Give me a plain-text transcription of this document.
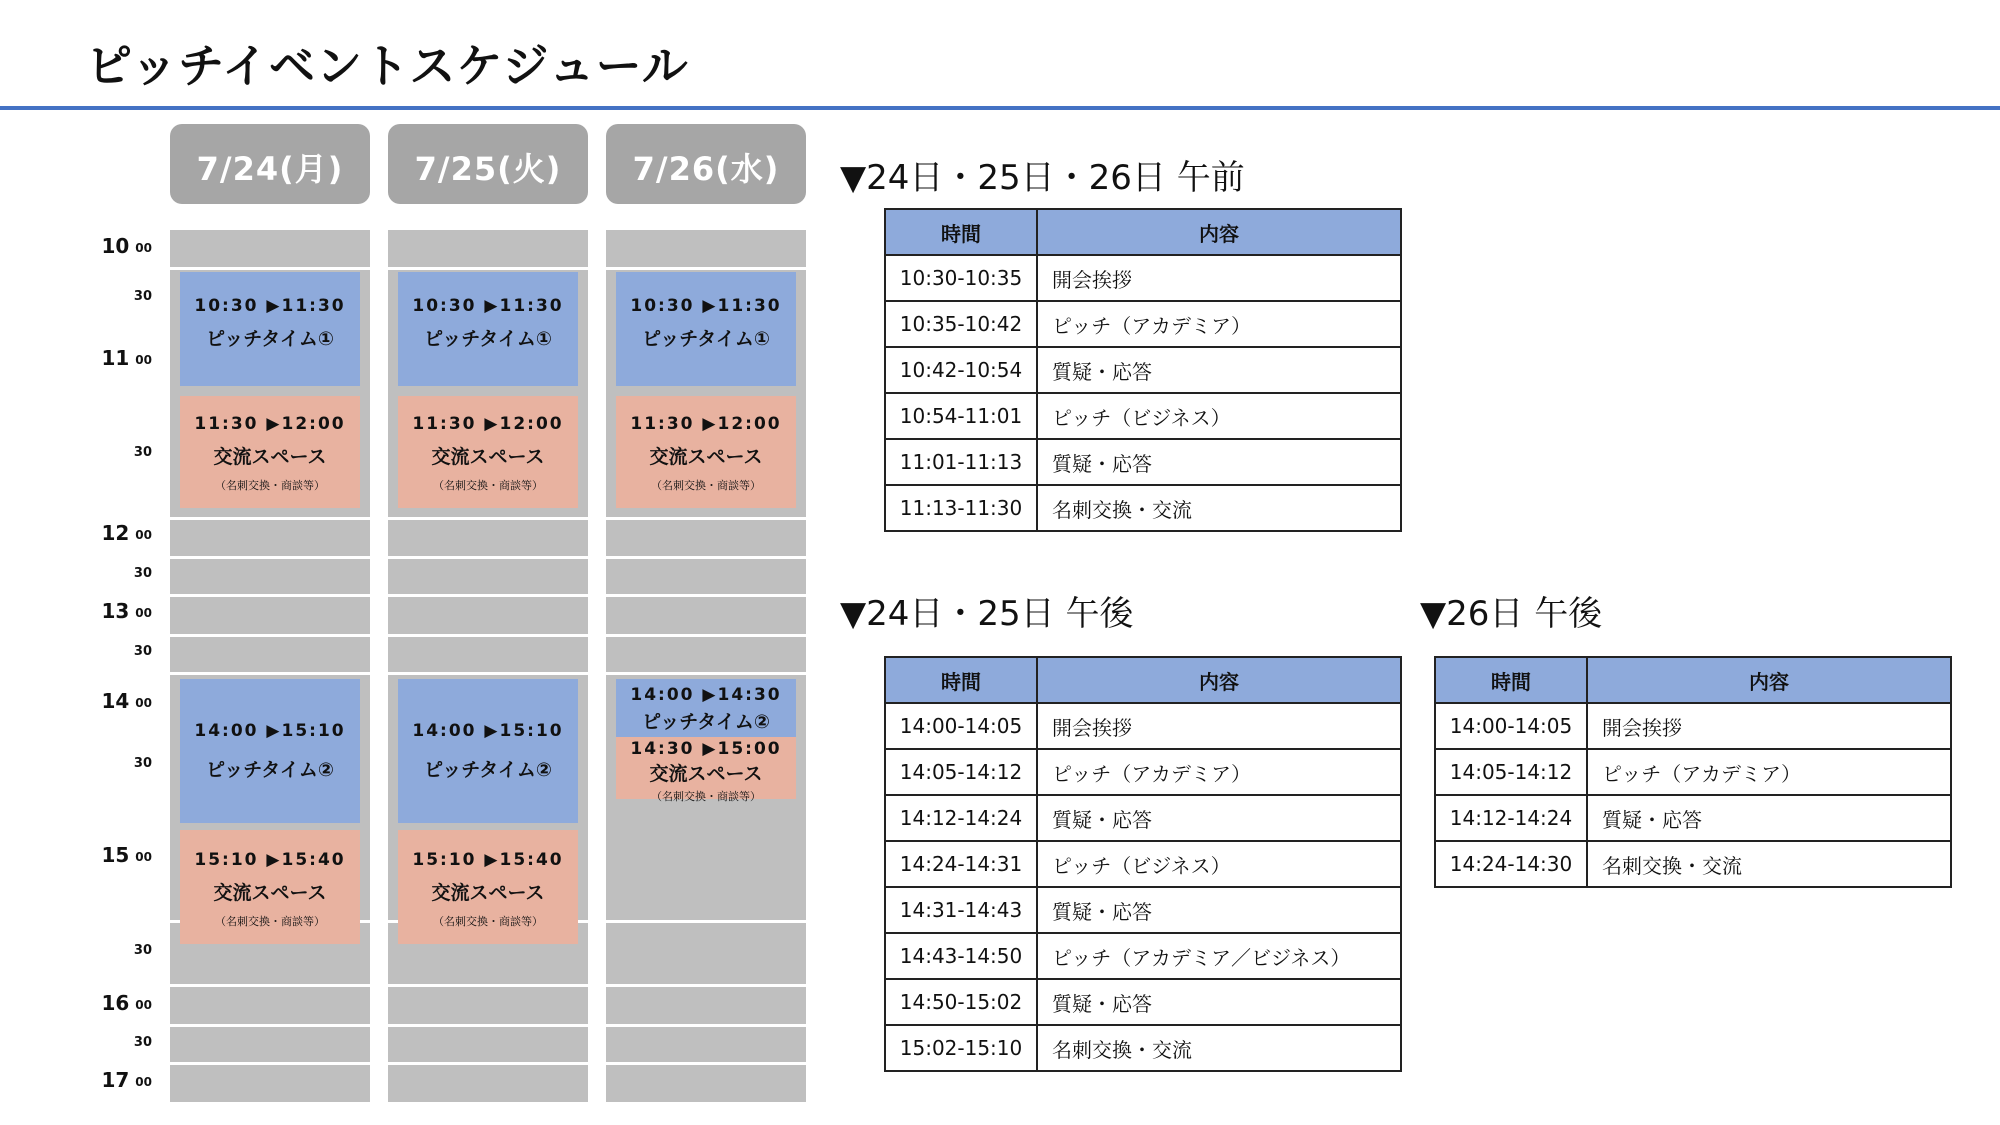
ピッチイベントスケジュール
10 00
30
11 00
30
12 00
30
13 00
30
14 00
30
15 00
30
16 00
30
17 00
7/24(月)
10:30 ▶11:30
ピッチタイム①
11:30 ▶12:00
交流スペース
（名刺交換・商談等）
14:00 ▶15:10
ピッチタイム②
15:10 ▶15:40
交流スペース
（名刺交換・商談等）
7/25(火)
10:30 ▶11:30
ピッチタイム①
11:30 ▶12:00
交流スペース
（名刺交換・商談等）
14:00 ▶15:10
ピッチタイム②
15:10 ▶15:40
交流スペース
（名刺交換・商談等）
7/26(水)
10:30 ▶11:30
ピッチタイム①
11:30 ▶12:00
交流スペース
（名刺交換・商談等）
14:00 ▶14:30
ピッチタイム②
14:30 ▶15:00
交流スペース
（名刺交換・商談等）
▼24日・25日・26日 午前
時間	内容
10:30-10:35	開会挨拶
10:35-10:42	ピッチ（アカデミア）
10:42-10:54	質疑・応答
10:54-11:01	ピッチ（ビジネス）
11:01-11:13	質疑・応答
11:13-11:30	名刺交換・交流
▼24日・25日 午後
時間	内容
14:00-14:05	開会挨拶
14:05-14:12	ピッチ（アカデミア）
14:12-14:24	質疑・応答
14:24-14:31	ピッチ（ビジネス）
14:31-14:43	質疑・応答
14:43-14:50	ピッチ（アカデミア／ビジネス）
14:50-15:02	質疑・応答
15:02-15:10	名刺交換・交流
▼26日 午後
時間	内容
14:00-14:05	開会挨拶
14:05-14:12	ピッチ（アカデミア）
14:12-14:24	質疑・応答
14:24-14:30	名刺交換・交流
